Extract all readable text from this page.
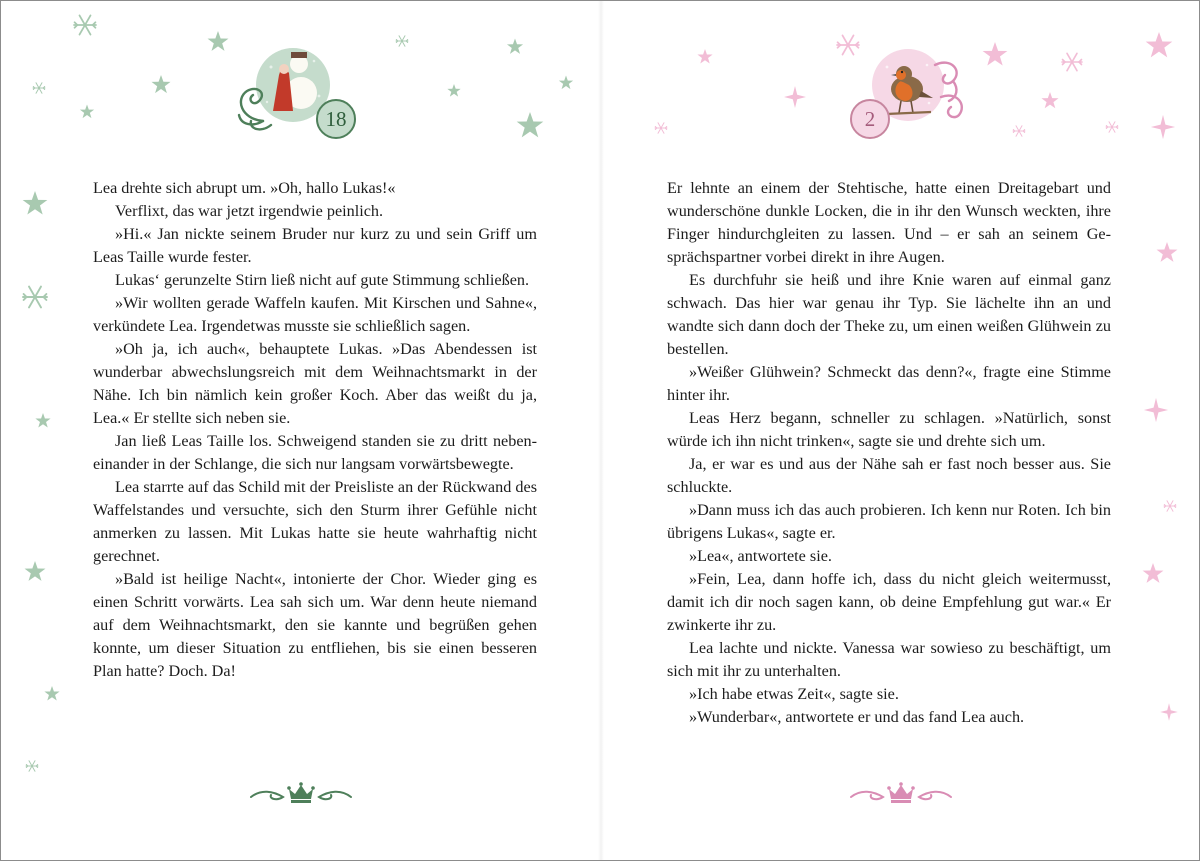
18

Lea drehte sich abrupt um. »Oh, hallo Lukas!«

Verflixt, das war jetzt irgendwie peinlich.

»Hi.« Jan nickte seinem Bruder nur kurz zu und sein Griff um Leas Taille wurde fester.

Lukas‘ gerunzelte Stirn ließ nicht auf gute Stimmung schließen.

»Wir wollten gerade Waffeln kaufen. Mit Kirschen und Sahne«, verkündete Lea. Irgendetwas musste sie schließlich sagen.

»Oh ja, ich auch«, behauptete Lukas. »Das Abendessen ist wunderbar abwechslungsreich mit dem Weihnachtsmarkt in der Nähe. Ich bin nämlich kein großer Koch. Aber das weißt du ja, Lea.« Er stellte sich neben sie.

Jan ließ Leas Taille los. Schweigend standen sie zu dritt nebeneinander in der Schlange, die sich nur langsam vorwärtsbewegte.

Lea starrte auf das Schild mit der Preisliste an der Rückwand des Waffelstandes und versuchte, sich den Sturm ihrer Gefühle nicht anmerken zu lassen. Mit Lukas hatte sie heute wahrhaftig nicht gerechnet.

»Bald ist heilige Nacht«, intonierte der Chor. Wieder ging es einen Schritt vorwärts. Lea sah sich um. War denn heute niemand auf dem Weihnachtsmarkt, den sie kannte und begrüßen gehen konnte, um dieser Situation zu entfliehen, bis sie einen besseren Plan hatte? Doch. Da!

2

Er lehnte an einem der Stehtische, hatte einen Dreitagebart und wunderschöne dunkle Locken, die in ihr den Wunsch weckten, ihre Finger hindurchgleiten zu lassen. Und – er sah an seinem Gesprächspartner vorbei direkt in ihre Augen.

Es durchfuhr sie heiß und ihre Knie waren auf einmal ganz schwach. Das hier war genau ihr Typ. Sie lächelte ihn an und wandte sich dann doch der Theke zu, um einen weißen Glühwein zu bestellen.

»Weißer Glühwein? Schmeckt das denn?«, fragte eine Stimme hinter ihr.

Leas Herz begann, schneller zu schlagen. »Natürlich, sonst würde ich ihn nicht trinken«, sagte sie und drehte sich um.

Ja, er war es und aus der Nähe sah er fast noch besser aus. Sie schluckte.

»Dann muss ich das auch probieren. Ich kenn nur Roten. Ich bin übrigens Lukas«, sagte er.

»Lea«, antwortete sie.

»Fein, Lea, dann hoffe ich, dass du nicht gleich weitermusst, damit ich dir noch sagen kann, ob deine Empfehlung gut war.« Er zwinkerte ihr zu.

Lea lachte und nickte. Vanessa war sowieso zu beschäftigt, um sich mit ihr zu unterhalten.

»Ich habe etwas Zeit«, sagte sie.

»Wunderbar«, antwortete er und das fand Lea auch.
